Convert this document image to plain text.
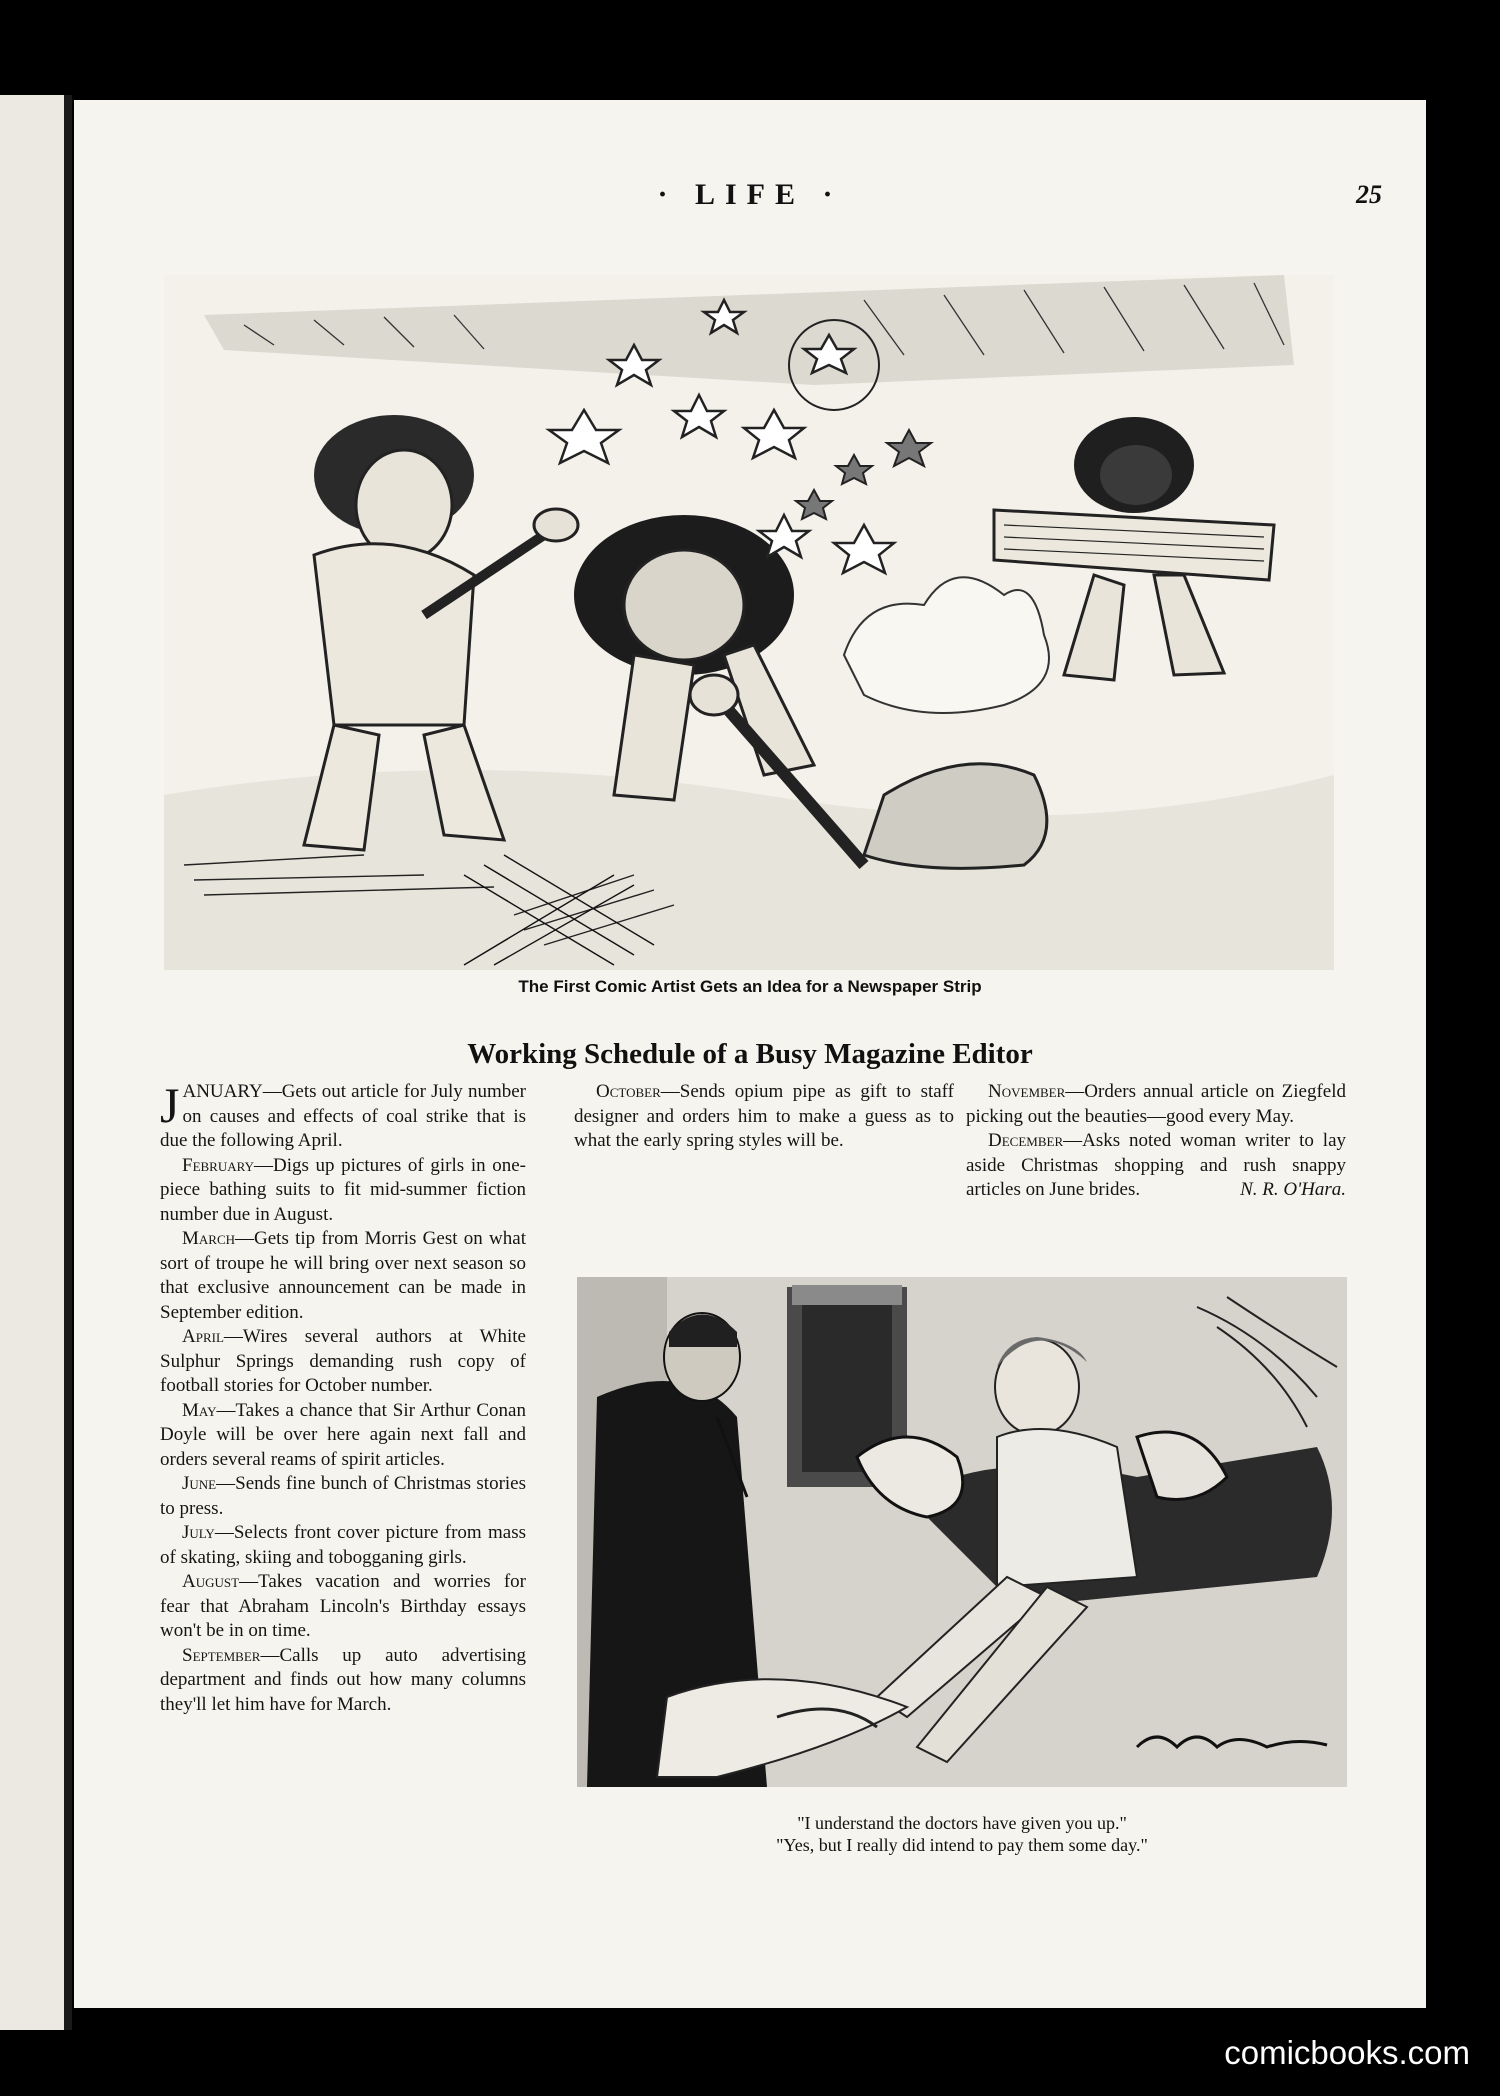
· LIFE ·	25
The First Comic Artist Gets an Idea for a Newspaper Strip
Working Schedule of a Busy Magazine Editor

JANUARY—Gets out article for July number on causes and effects of coal strike that is due the following April.

February—Digs up pictures of girls in one-piece bathing suits to fit mid-summer fiction number due in August.

March—Gets tip from Morris Gest on what sort of troupe he will bring over next season so that exclusive announcement can be made in September edition.

April—Wires several authors at White Sulphur Springs demanding rush copy of football stories for October number.

May—Takes a chance that Sir Arthur Conan Doyle will be over here again next fall and orders several reams of spirit articles.

June—Sends fine bunch of Christmas stories to press.

July—Selects front cover picture from mass of skating, skiing and tobogganing girls.

August—Takes vacation and worries for fear that Abraham Lincoln's Birthday essays won't be in on time.

September—Calls up auto advertising department and finds out how many columns they'll let him have for March.

October—Sends opium pipe as gift to staff designer and orders him to make a guess as to what the early spring styles will be.

November—Orders annual article on Ziegfeld picking out the beauties—good every May.

December—Asks noted woman writer to lay aside Christmas shopping and rush snappy articles on June brides.	N. R. O'Hara.

"I understand the doctors have given you up."
"Yes, but I really did intend to pay them some day."
comicbooks.com
